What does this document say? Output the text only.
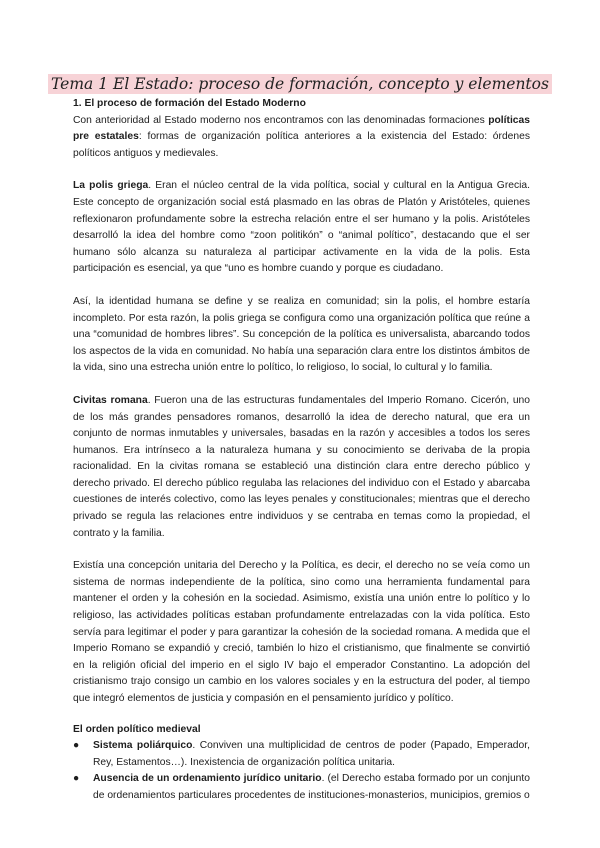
Tema 1 El Estado: proceso de formación, concepto y elementos

1. El proceso de formación del Estado Moderno

Con anterioridad al Estado moderno nos encontramos con las denominadas formaciones políticas pre estatales: formas de organización política anteriores a la existencia del Estado: órdenes políticos antiguos y medievales.

La polis griega. Eran el núcleo central de la vida política, social y cultural en la Antigua Grecia. Este concepto de organización social está plasmado en las obras de Platón y Aristóteles, quienes reflexionaron profundamente sobre la estrecha relación entre el ser humano y la polis. Aristóteles desarrolló la idea del hombre como “zoon politikón” o “animal político”, destacando que el ser humano sólo alcanza su naturaleza al participar activamente en la vida de la polis. Esta participación es esencial, ya que “uno es hombre cuando y porque es ciudadano.

Así, la identidad humana se define y se realiza en comunidad; sin la polis, el hombre estaría incompleto. Por esta razón, la polis griega se configura como una organización política que reúne a una “comunidad de hombres libres”. Su concepción de la política es universalista, abarcando todos los aspectos de la vida en comunidad. No había una separación clara entre los distintos ámbitos de la vida, sino una estrecha unión entre lo político, lo religioso, lo social, lo cultural y lo familia.

Civitas romana. Fueron una de las estructuras fundamentales del Imperio Romano. Cicerón, uno de los más grandes pensadores romanos, desarrolló la idea de derecho natural, que era un conjunto de normas inmutables y universales, basadas en la razón y accesibles a todos los seres humanos. Era intrínseco a la naturaleza humana y su conocimiento se derivaba de la propia racionalidad. En la civitas romana se estableció una distinción clara entre derecho público y derecho privado. El derecho público regulaba las relaciones del individuo con el Estado y abarcaba cuestiones de interés colectivo, como las leyes penales y constitucionales; mientras que el derecho privado se regula las relaciones entre individuos y se centraba en temas como la propiedad, el contrato y la familia.

Existía una concepción unitaria del Derecho y la Política, es decir, el derecho no se veía como un sistema de normas independiente de la política, sino como una herramienta fundamental para mantener el orden y la cohesión en la sociedad. Asimismo, existía una unión entre lo político y lo religioso, las actividades políticas estaban profundamente entrelazadas con la vida política. Esto servía para legitimar el poder y para garantizar la cohesión de la sociedad romana. A medida que el Imperio Romano se expandió y creció, también lo hizo el cristianismo, que finalmente se convirtió en la religión oficial del imperio en el siglo IV bajo el emperador Constantino. La adopción del cristianismo trajo consigo un cambio en los valores sociales y en la estructura del poder, al tiempo que integró elementos de justicia y compasión en el pensamiento jurídico y político.

El orden político medieval

● Sistema poliárquico. Conviven una multiplicidad de centros de poder (Papado, Emperador, Rey, Estamentos…). Inexistencia de organización política unitaria.
● Ausencia de un ordenamiento jurídico unitario. (el Derecho estaba formado por un conjunto de ordenamientos particulares procedentes de instituciones-monasterios, municipios, gremios o
